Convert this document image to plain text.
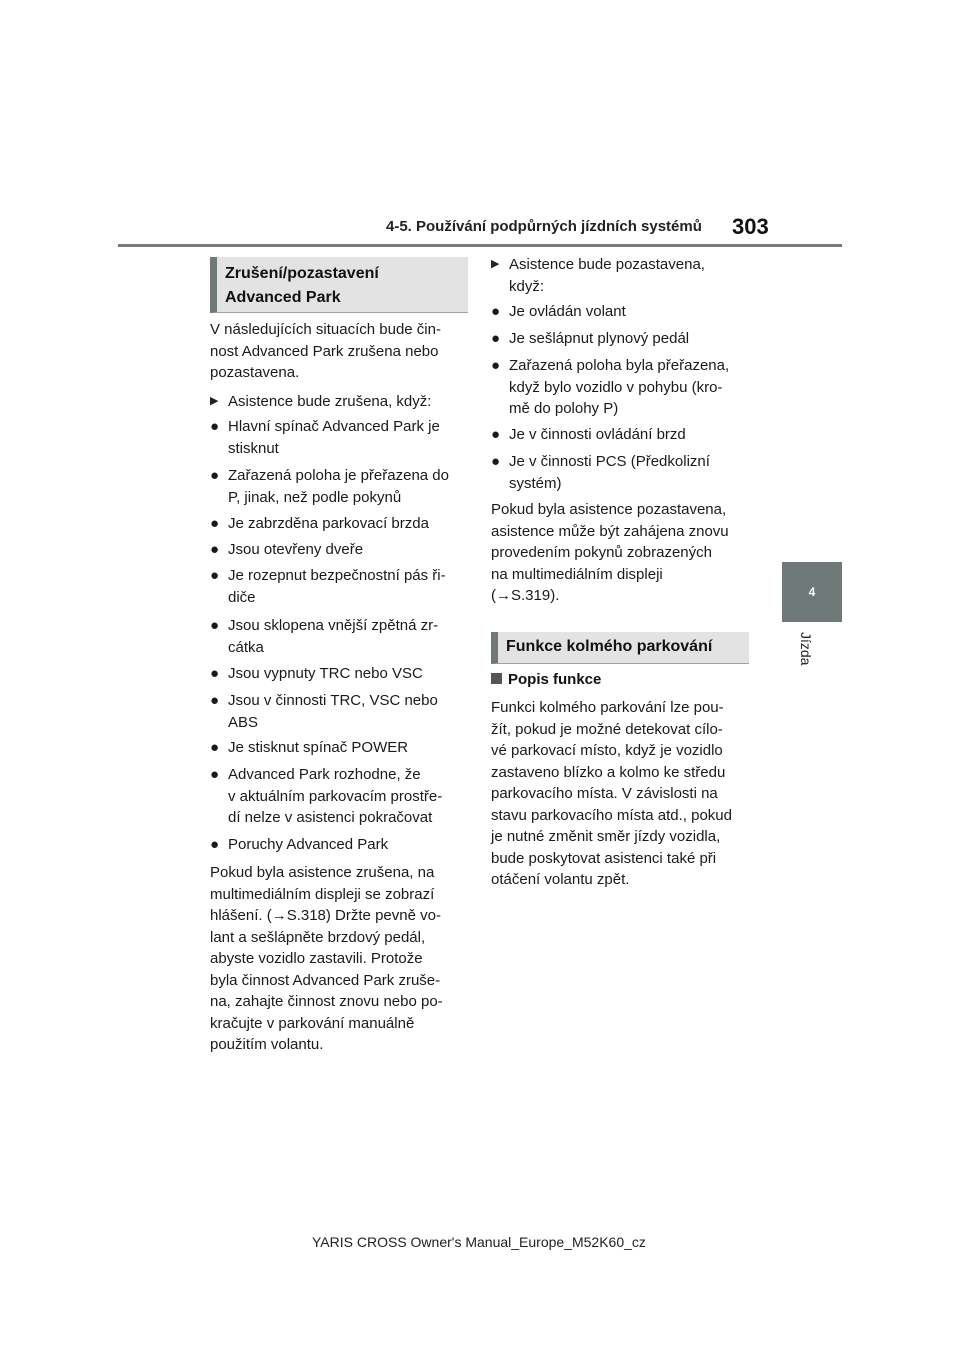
4-5. Používání podpůrných jízdních systémů 303
4
Jízda
Zrušení/pozastavení
Advanced Park
V následujících situacích bude čin-
nost Advanced Park zrušena nebo
pozastavena.
▶ Asistence bude zrušena, když:
● Hlavní spínač Advanced Park je
stisknut
● Zařazená poloha je přeřazena do
P, jinak, než podle pokynů
● Je zabrzděna parkovací brzda
● Jsou otevřeny dveře
● Je rozepnut bezpečnostní pás ři-
diče
● Jsou sklopena vnější zpětná zr-
cátka
● Jsou vypnuty TRC nebo VSC
● Jsou v činnosti TRC, VSC nebo
ABS
● Je stisknut spínač POWER
● Advanced Park rozhodne, že
v aktuálním parkovacím prostře-
dí nelze v asistenci pokračovat
● Poruchy Advanced Park
Pokud byla asistence zrušena, na
multimediálním displeji se zobrazí
hlášení. (→S.318) Držte pevně vo-
lant a sešlápněte brzdový pedál,
abyste vozidlo zastavili. Protože
byla činnost Advanced Park zruše-
na, zahajte činnost znovu nebo po-
kračujte v parkování manuálně
použitím volantu.
▶ Asistence bude pozastavena,
když:
● Je ovládán volant
● Je sešlápnut plynový pedál
● Zařazená poloha byla přeřazena,
když bylo vozidlo v pohybu (kro-
mě do polohy P)
● Je v činnosti ovládání brzd
● Je v činnosti PCS (Předkolizní
systém)
Pokud byla asistence pozastavena,
asistence může být zahájena znovu
provedením pokynů zobrazených
na multimediálním displeji
(→S.319).
Funkce kolmého parkování
Popis funkce
Funkci kolmého parkování lze pou-
žít, pokud je možné detekovat cílo-
vé parkovací místo, když je vozidlo
zastaveno blízko a kolmo ke středu
parkovacího místa. V závislosti na
stavu parkovacího místa atd., pokud
je nutné změnit směr jízdy vozidla,
bude poskytovat asistenci také při
otáčení volantu zpět.
YARIS CROSS Owner's Manual_Europe_M52K60_cz
